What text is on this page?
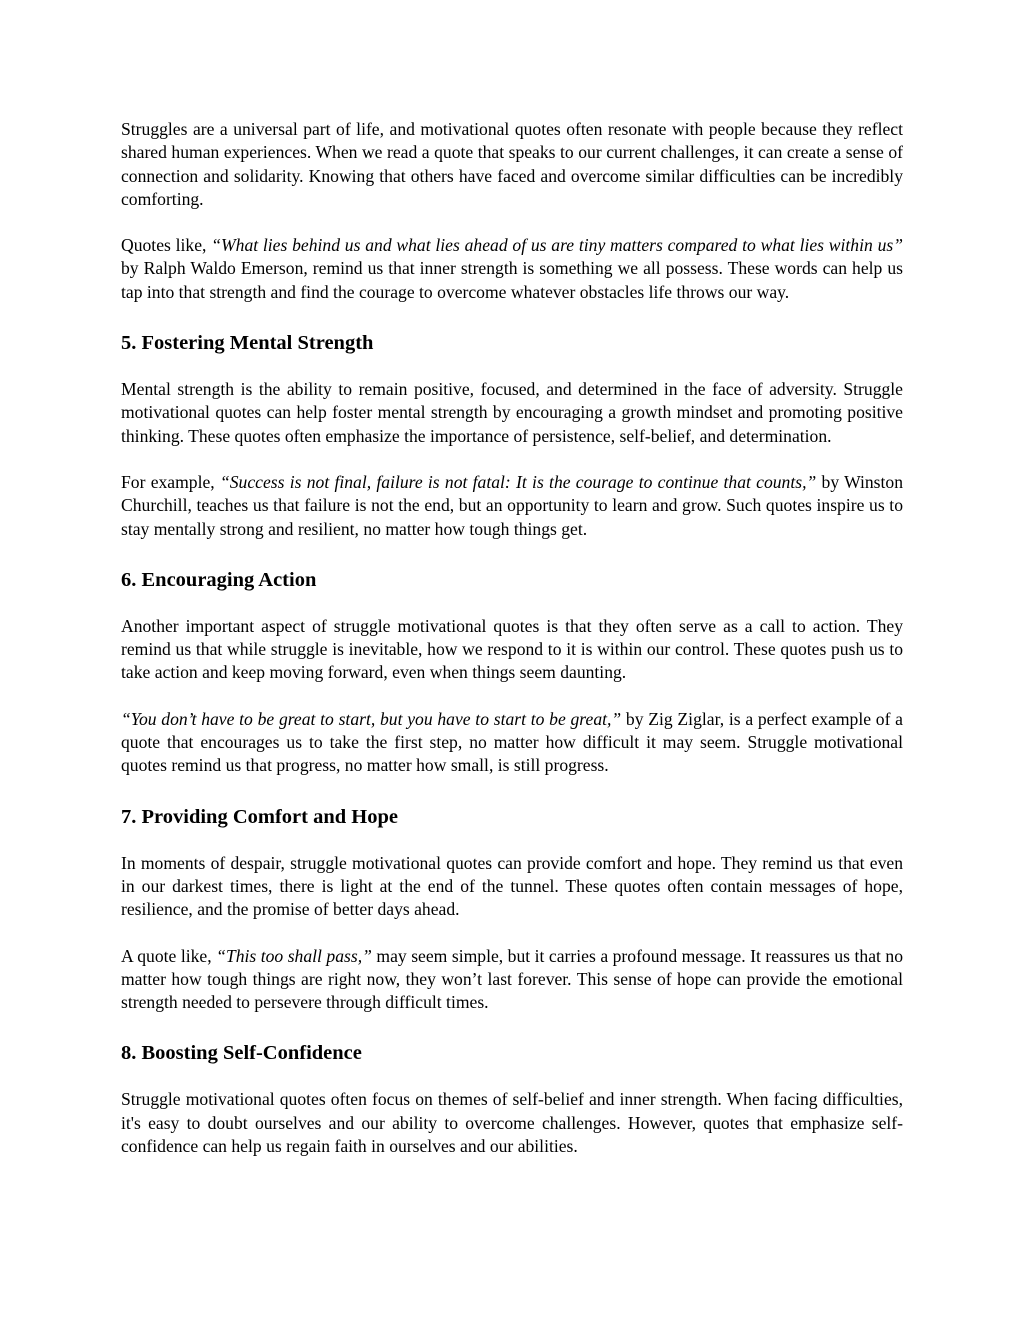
Struggles are a universal part of life, and motivational quotes often resonate with people because they reflect shared human experiences. When we read a quote that speaks to our current challenges, it can create a sense of connection and solidarity. Knowing that others have faced and overcome similar difficulties can be incredibly comforting.

Quotes like, “What lies behind us and what lies ahead of us are tiny matters compared to what lies within us” by Ralph Waldo Emerson, remind us that inner strength is something we all possess. These words can help us tap into that strength and find the courage to overcome whatever obstacles life throws our way.

5. Fostering Mental Strength

Mental strength is the ability to remain positive, focused, and determined in the face of adversity. Struggle motivational quotes can help foster mental strength by encouraging a growth mindset and promoting positive thinking. These quotes often emphasize the importance of persistence, self-belief, and determination.

For example, “Success is not final, failure is not fatal: It is the courage to continue that counts,” by Winston Churchill, teaches us that failure is not the end, but an opportunity to learn and grow. Such quotes inspire us to stay mentally strong and resilient, no matter how tough things get.

6. Encouraging Action

Another important aspect of struggle motivational quotes is that they often serve as a call to action. They remind us that while struggle is inevitable, how we respond to it is within our control. These quotes push us to take action and keep moving forward, even when things seem daunting.

“You don’t have to be great to start, but you have to start to be great,” by Zig Ziglar, is a perfect example of a quote that encourages us to take the first step, no matter how difficult it may seem. Struggle motivational quotes remind us that progress, no matter how small, is still progress.

7. Providing Comfort and Hope

In moments of despair, struggle motivational quotes can provide comfort and hope. They remind us that even in our darkest times, there is light at the end of the tunnel. These quotes often contain messages of hope, resilience, and the promise of better days ahead.

A quote like, “This too shall pass,” may seem simple, but it carries a profound message. It reassures us that no matter how tough things are right now, they won’t last forever. This sense of hope can provide the emotional strength needed to persevere through difficult times.

8. Boosting Self-Confidence

Struggle motivational quotes often focus on themes of self-belief and inner strength. When facing difficulties, it's easy to doubt ourselves and our ability to overcome challenges. However, quotes that emphasize self-confidence can help us regain faith in ourselves and our abilities.
